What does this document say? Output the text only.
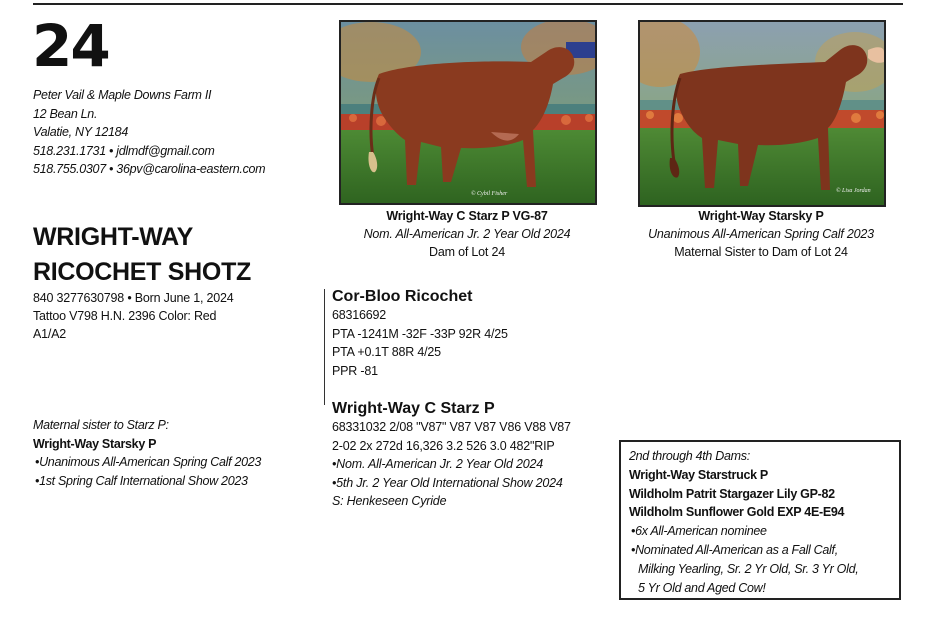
24
Peter Vail & Maple Downs Farm II
12 Bean Ln.
Valatie, NY 12184
518.231.1731 • jdlmdf@gmail.com
518.755.0307 • 36pv@carolina-eastern.com
WRIGHT-WAY
RICOCHET SHOTZ
840 3277630798 • Born June 1, 2024
Tattoo V798 H.N. 2396 Color: Red
A1/A2
Maternal sister to Starz P:
Wright-Way Starsky P
•Unanimous All-American Spring Calf 2023
•1st Spring Calf International Show 2023
© Cybil Fisher
Wright-Way C Starz P VG-87
Nom. All-American Jr. 2 Year Old 2024
Dam of Lot 24
© Lisa Jordan
Wright-Way Starsky P
Unanimous All-American Spring Calf 2023
Maternal Sister to Dam of Lot 24
Cor-Bloo Ricochet
68316692
PTA -1241M -32F -33P 92R 4/25
PTA +0.1T 88R 4/25
PPR -81
Wright-Way C Starz P
68331032 2/08 "V87" V87 V87 V86 V88 V87
2-02 2x 272d 16,326 3.2 526 3.0 482"RIP
•Nom. All-American Jr. 2 Year Old 2024
•5th Jr. 2 Year Old International Show 2024
S: Henkeseen Cyride
2nd through 4th Dams:
Wright-Way Starstruck P
Wildholm Patrit Stargazer Lily GP-82
Wildholm Sunflower Gold EXP 4E-E94
•6x All-American nominee
•Nominated All-American as a Fall Calf,
Milking Yearling, Sr. 2 Yr Old, Sr. 3 Yr Old,
5 Yr Old and Aged Cow!
